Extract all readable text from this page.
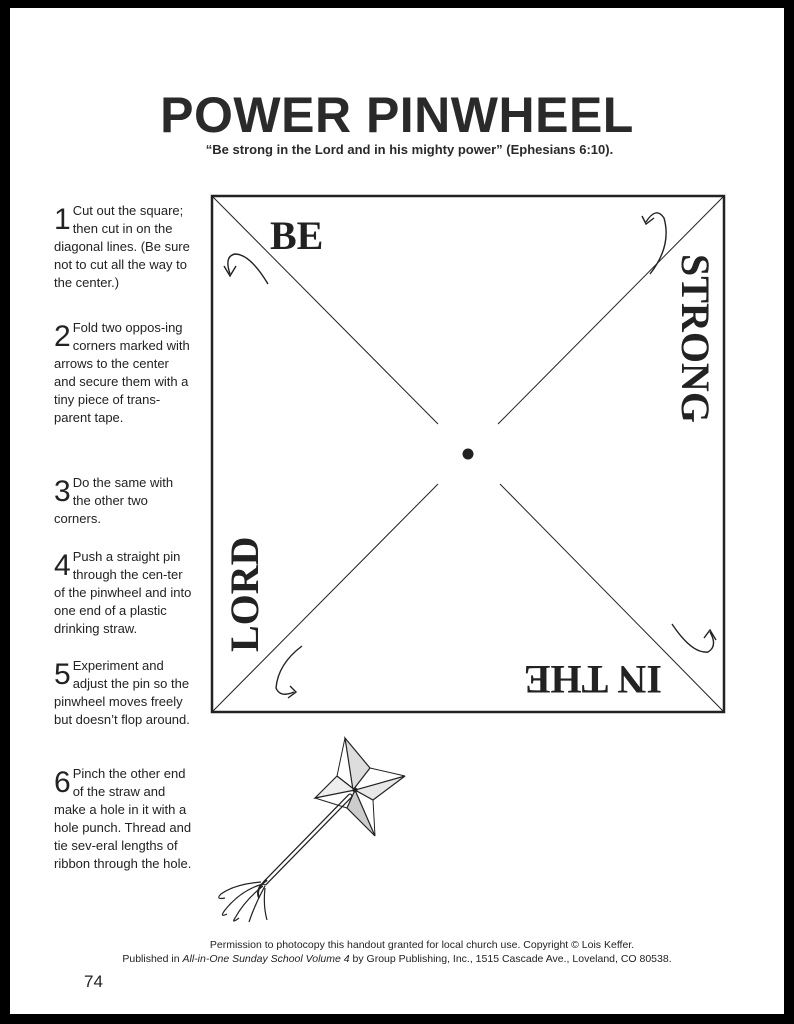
POWER PINWHEEL
“Be strong in the Lord and in his mighty power” (Ephesians 6:10).
1 Cut out the square; then cut in on the diagonal lines. (Be sure not to cut all the way to the center.)
2 Fold two oppos-ing corners marked with arrows to the center and secure them with a tiny piece of trans-parent tape.
3 Do the same with the other two corners.
4 Push a straight pin through the cen-ter of the pinwheel and into one end of a plastic drinking straw.
5 Experiment and adjust the pin so the pinwheel moves freely but doesn’t flop around.
6 Pinch the other end of the straw and make a hole in it with a hole punch. Thread and tie sev-eral lengths of ribbon through the hole.
BE
STRONG
IN THE
LORD
Permission to photocopy this handout granted for local church use. Copyright © Lois Keffer.
Published in All-in-One Sunday School Volume 4 by Group Publishing, Inc., 1515 Cascade Ave., Loveland, CO 80538.
74
